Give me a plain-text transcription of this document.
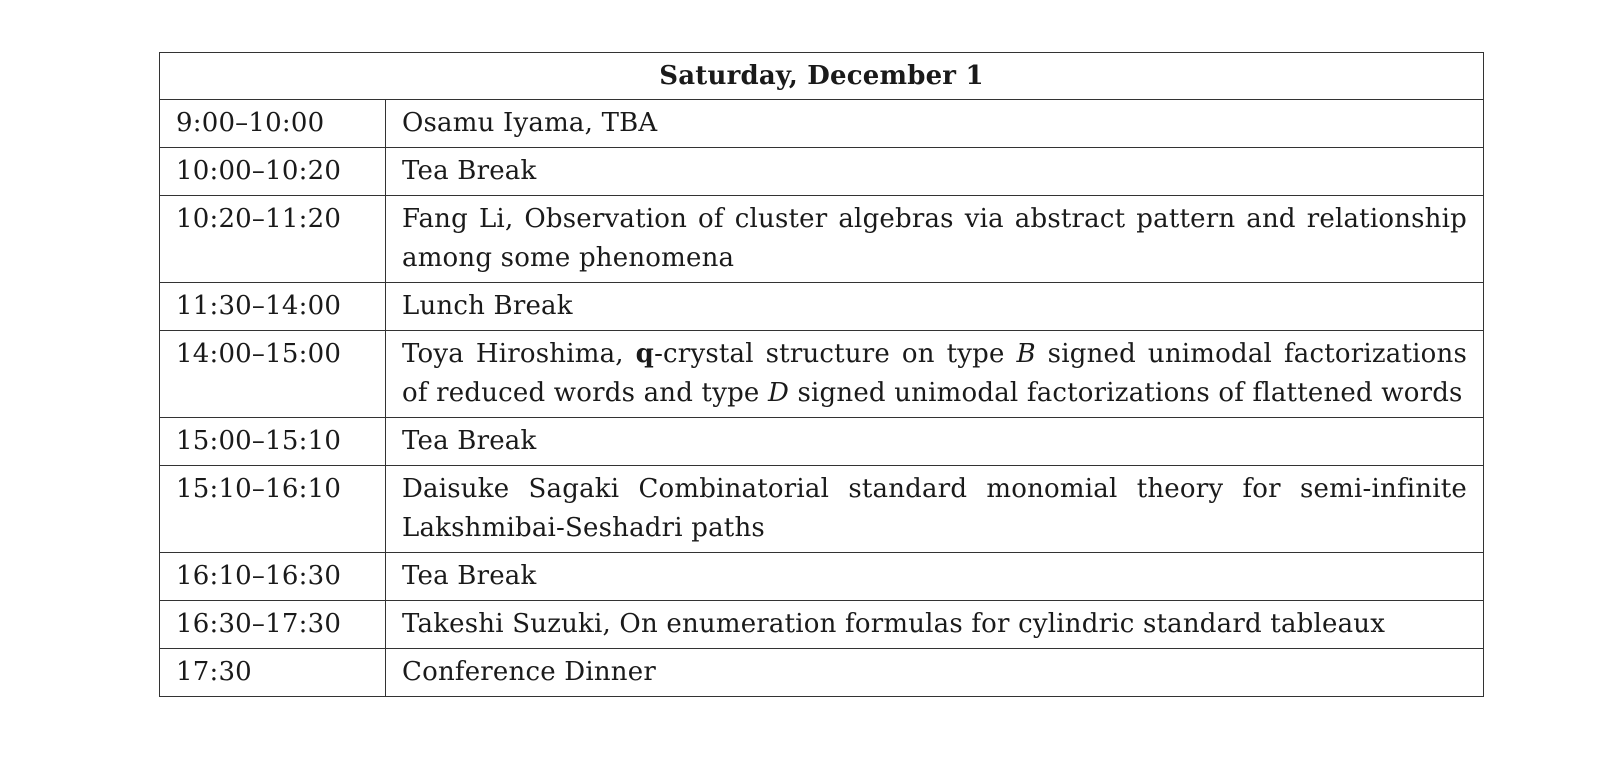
Saturday, December 1	
9:00–10:00	Osamu Iyama, TBA
10:00–10:20	Tea Break
10:20–11:20	Fang Li, Observation of cluster algebras via abstract pattern and relationship among some phenomena
11:30–14:00	Lunch Break
14:00–15:00	Toya Hiroshima, q-crystal structure on type B signed unimodal factorizations of reduced words and type D signed unimodal factorizations of flattened words
15:00–15:10	Tea Break
15:10–16:10	Daisuke Sagaki Combinatorial standard monomial theory for semi-infinite Lakshmibai-Seshadri paths
16:10–16:30	Tea Break
16:30–17:30	Takeshi Suzuki, On enumeration formulas for cylindric standard tableaux
17:30	Conference Dinner
